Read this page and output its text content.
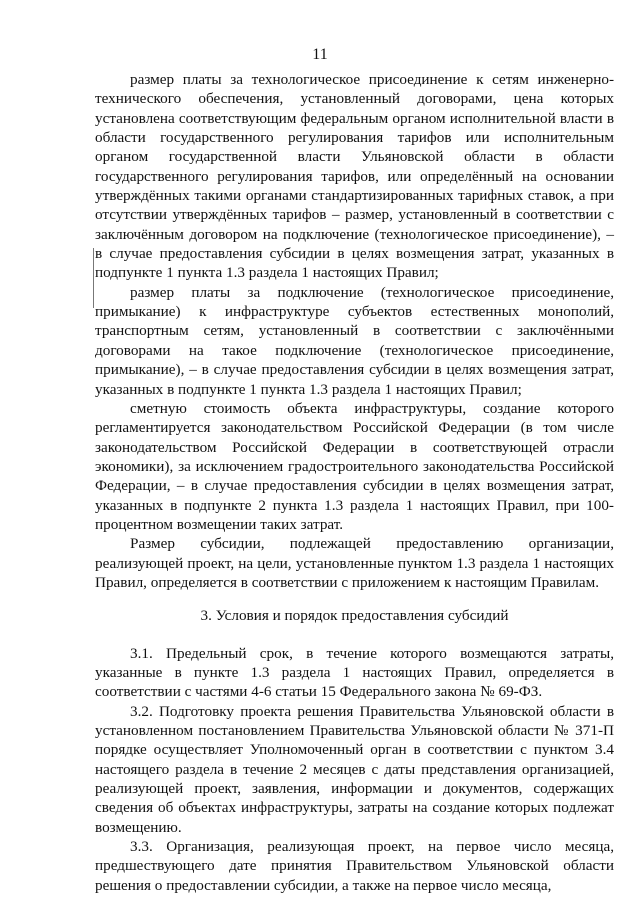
11

размер платы за технологическое присоединение к сетям инженерно-технического обеспечения, установленный договорами, цена которых установлена соответствующим федеральным органом исполнительной власти в области государственного регулирования тарифов или исполнительным органом государственной власти Ульяновской области в области государственного регулирования тарифов, или определённый на основании утверждённых такими органами стандартизированных тарифных ставок, а при отсутствии утверждённых тарифов – размер, установленный в соответствии с заключённым договором на подключение (технологическое присоединение), – в случае предоставления субсидии в целях возмещения затрат, указанных в подпункте 1 пункта 1.3 раздела 1 настоящих Правил;

размер платы за подключение (технологическое присоединение, примыкание) к инфраструктуре субъектов естественных монополий, транспортным сетям, установленный в соответствии с заключёнными договорами на такое подключение (технологическое присоединение, примыкание), – в случае предоставления субсидии в целях возмещения затрат, указанных в подпункте 1 пункта 1.3 раздела 1 настоящих Правил;

сметную стоимость объекта инфраструктуры, создание которого регламентируется законодательством Российской Федерации (в том числе законодательством Российской Федерации в соответствующей отрасли экономики), за исключением градостроительного законодательства Российской Федерации, – в случае предоставления субсидии в целях возмещения затрат, указанных в подпункте 2 пункта 1.3 раздела 1 настоящих Правил, при 100-процентном возмещении таких затрат.

Размер субсидии, подлежащей предоставлению организации, реализующей проект, на цели, установленные пунктом 1.3 раздела 1 настоящих Правил, определяется в соответствии с приложением к настоящим Правилам.

3. Условия и порядок предоставления субсидий

3.1. Предельный срок, в течение которого возмещаются затраты, указанные в пункте 1.3 раздела 1 настоящих Правил, определяется в соответствии с частями 4-6 статьи 15 Федерального закона № 69-ФЗ.

3.2. Подготовку проекта решения Правительства Ульяновской области в установленном постановлением Правительства Ульяновской области № 371-П порядке осуществляет Уполномоченный орган в соответствии с пунктом 3.4 настоящего раздела в течение 2 месяцев с даты представления организацией, реализующей проект, заявления, информации и документов, содержащих сведения об объектах инфраструктуры, затраты на создание которых подлежат возмещению.

3.3. Организация, реализующая проект, на первое число месяца, предшествующего дате принятия Правительством Ульяновской области решения о предоставлении субсидии, а также на первое число месяца,
